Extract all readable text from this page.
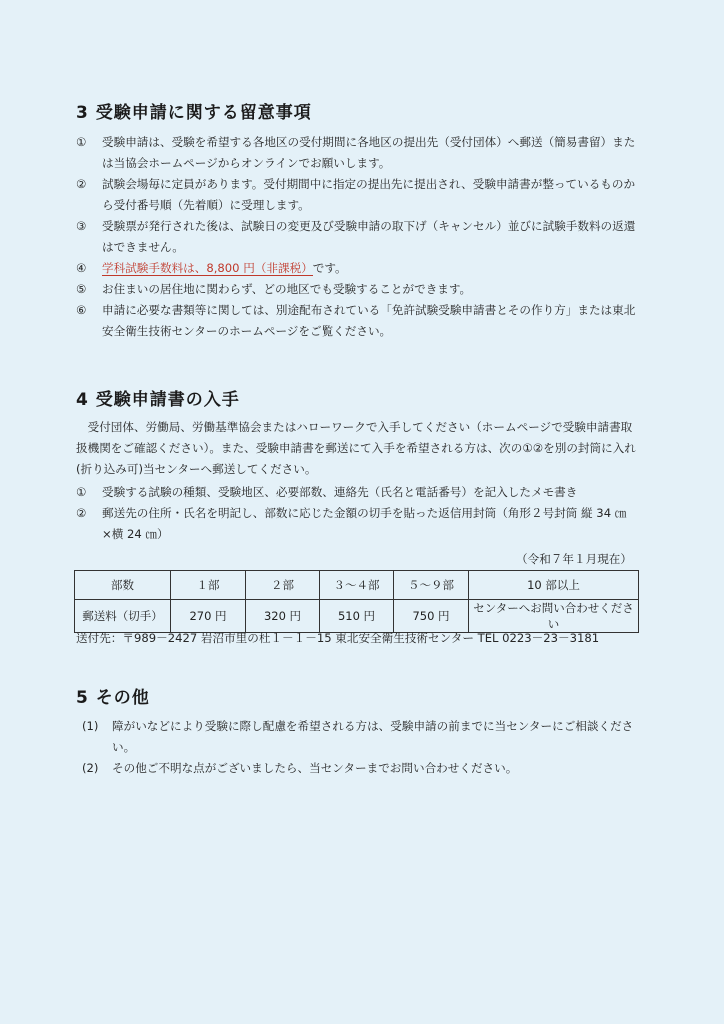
3 受験申請に関する留意事項
① 受験申請は、受験を希望する各地区の受付期間に各地区の提出先（受付団体）へ郵送（簡易書留）または当協会ホームページからオンラインでお願いします。
② 試験会場毎に定員があります。受付期間中に指定の提出先に提出され、受験申請書が整っているものから受付番号順（先着順）に受理します。
③ 受験票が発行された後は、試験日の変更及び受験申請の取下げ（キャンセル）並びに試験手数料の返還はできません。
④ 学科試験手数料は、8,800 円（非課税）です。
⑤ お住まいの居住地に関わらず、どの地区でも受験することができます。
⑥ 申請に必要な書類等に関しては、別途配布されている「免許試験受験申請書とその作り方」または東北安全衛生技術センターのホームページをご覧ください。
4 受験申請書の入手
受付団体、労働局、労働基準協会またはハローワークで入手してください（ホームページで受験申請書取扱機関をご確認ください）。また、受験申請書を郵送にて入手を希望される方は、次の①②を別の封筒に入れ(折り込み可)当センターへ郵送してください。
① 受験する試験の種類、受験地区、必要部数、連絡先（氏名と電話番号）を記入したメモ書き
② 郵送先の住所・氏名を明記し、部数に応じた金額の切手を貼った返信用封筒（角形２号封筒 縦 34 ㎝×横 24 ㎝）
（令和７年１月現在）
部数	１部	２部	３～４部	５～９部	10 部以上
郵送料（切手）	270 円	320 円	510 円	750 円	センターへお問い合わせください
送付先：〒989－2427 岩沼市里の杜１－１－15 東北安全衛生技術センター TEL 0223－23－3181
5 その他
(1) 障がいなどにより受験に際し配慮を希望される方は、受験申請の前までに当センターにご相談ください。
(2) その他ご不明な点がございましたら、当センターまでお問い合わせください。
